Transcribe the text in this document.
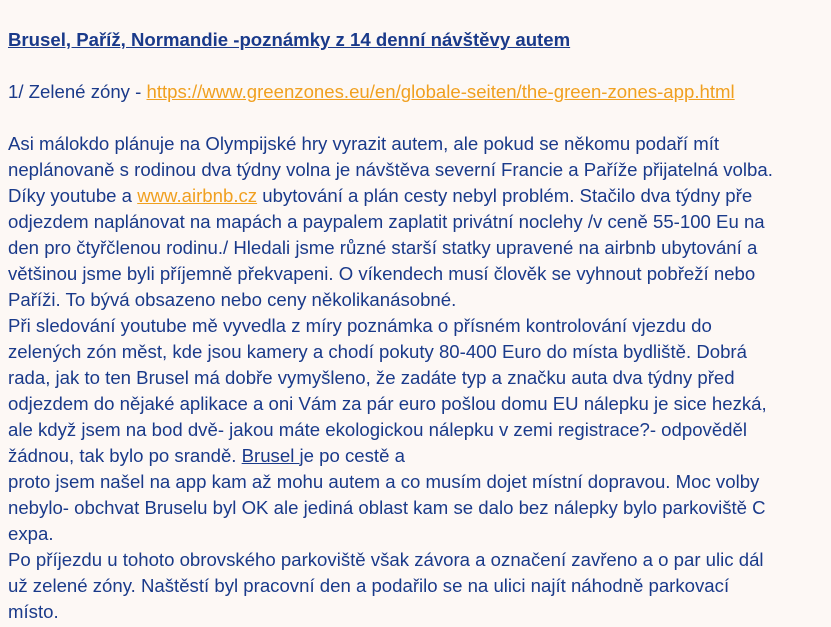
Brusel, Paříž, Normandie -poznámky z 14 denní návštěvy autem
1/ Zelené zóny - https://www.greenzones.eu/en/globale-seiten/the-green-zones-app.html
Asi málokdo plánuje na Olympijské hry vyrazit autem, ale pokud se někomu podaří mít
neplánovaně s rodinou dva týdny volna je návštěva severní Francie a Paříže přijatelná volba.
Díky youtube a www.airbnb.cz ubytování a plán cesty nebyl problém. Stačilo dva týdny pře
odjezdem naplánovat na mapách a paypalem zaplatit privátní noclehy /v ceně 55-100 Eu na
den pro čtyřčlenou rodinu./ Hledali jsme různé starší statky upravené na airbnb ubytování a
většinou jsme byli příjemně překvapeni. O víkendech musí člověk se vyhnout pobřeží nebo
Paříži. To bývá obsazeno nebo ceny několikanásobné.
Při sledování youtube mě vyvedla z míry poznámka o přísném kontrolování vjezdu do
zelených zón měst, kde jsou kamery a chodí pokuty 80-400 Euro do místa bydliště. Dobrá
rada, jak to ten Brusel má dobře vymyšleno, že zadáte typ a značku auta dva týdny před
odjezdem do nějaké aplikace a oni Vám za pár euro pošlou domu EU nálepku je sice hezká,
ale když jsem na bod dvě- jakou máte ekologickou nálepku v zemi registrace?- odpověděl
žádnou, tak bylo po srandě. Brusel je po cestě a
proto jsem našel na app kam až mohu autem a co musím dojet místní dopravou. Moc volby
nebylo- obchvat Bruselu byl OK ale jediná oblast kam se dalo bez nálepky bylo parkoviště C
expa.
Po příjezdu u tohoto obrovského parkoviště však závora a označení zavřeno a o par ulic dál
už zelené zóny. Naštěstí byl pracovní den a podařilo se na ulici najít náhodně parkovací
místo.
